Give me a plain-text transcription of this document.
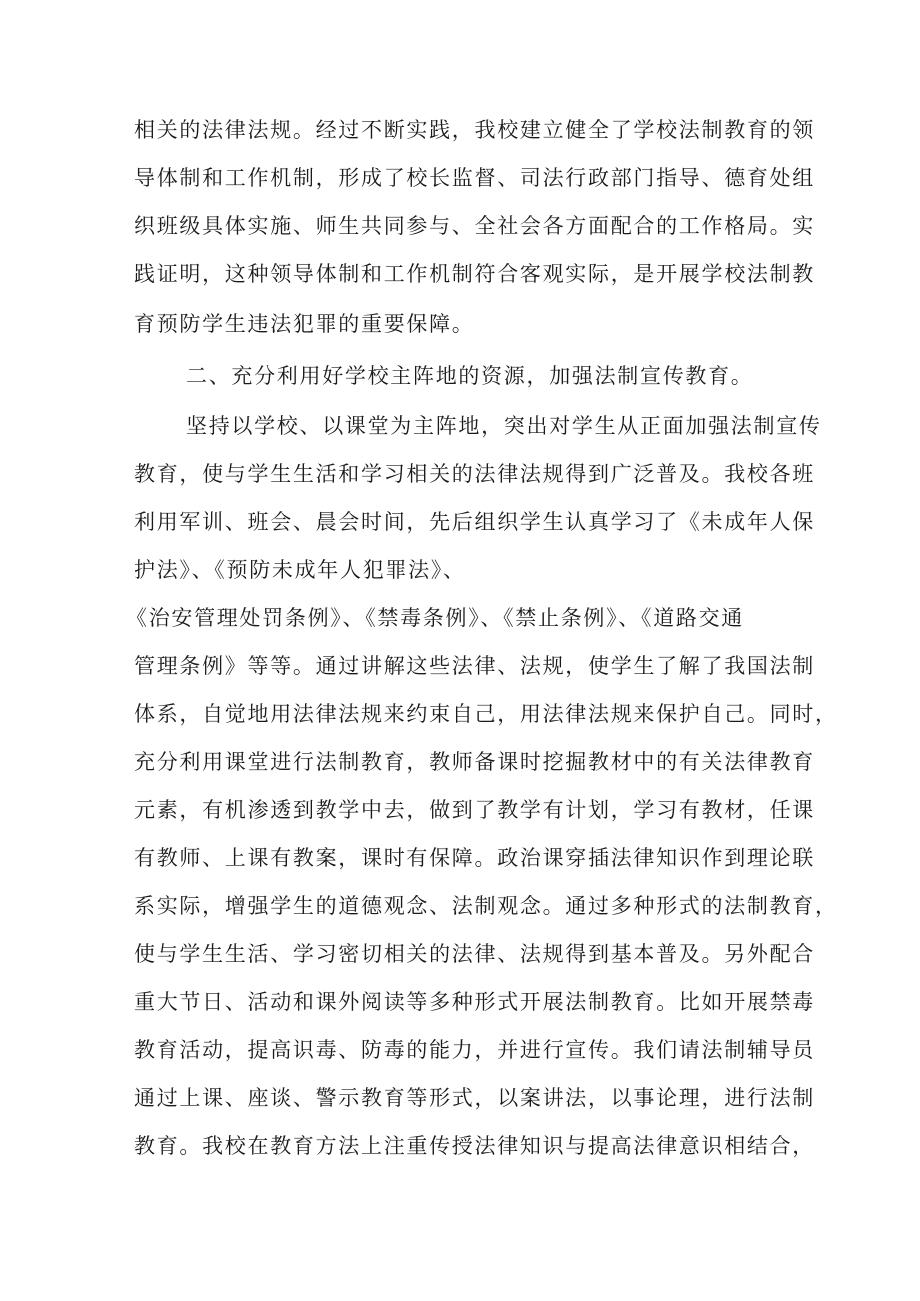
相关的法律法规。经过不断实践，我校建立健全了学校法制教育的领
导体制和工作机制，形成了校长监督、司法行政部门指导、德育处组
织班级具体实施、师生共同参与、全社会各方面配合的工作格局。实
践证明，这种领导体制和工作机制符合客观实际，是开展学校法制教
育预防学生违法犯罪的重要保障。
二、充分利用好学校主阵地的资源，加强法制宣传教育。
坚持以学校、以课堂为主阵地，突出对学生从正面加强法制宣传
教育，使与学生生活和学习相关的法律法规得到广泛普及。我校各班
利用军训、班会、晨会时间，先后组织学生认真学习了《未成年人保
护法》、《预防未成年人犯罪法》、
《治安管理处罚条例》、《禁毒条例》、《禁止条例》、《道路交通
管理条例》等等。通过讲解这些法律、法规，使学生了解了我国法制
体系，自觉地用法律法规来约束自己，用法律法规来保护自己。同时，
充分利用课堂进行法制教育，教师备课时挖掘教材中的有关法律教育
元素，有机渗透到教学中去，做到了教学有计划，学习有教材，任课
有教师、上课有教案，课时有保障。政治课穿插法律知识作到理论联
系实际，增强学生的道德观念、法制观念。通过多种形式的法制教育，
使与学生生活、学习密切相关的法律、法规得到基本普及。另外配合
重大节日、活动和课外阅读等多种形式开展法制教育。比如开展禁毒
教育活动，提高识毒、防毒的能力，并进行宣传。我们请法制辅导员
通过上课、座谈、警示教育等形式，以案讲法，以事论理，进行法制
教育。我校在教育方法上注重传授法律知识与提高法律意识相结合，
